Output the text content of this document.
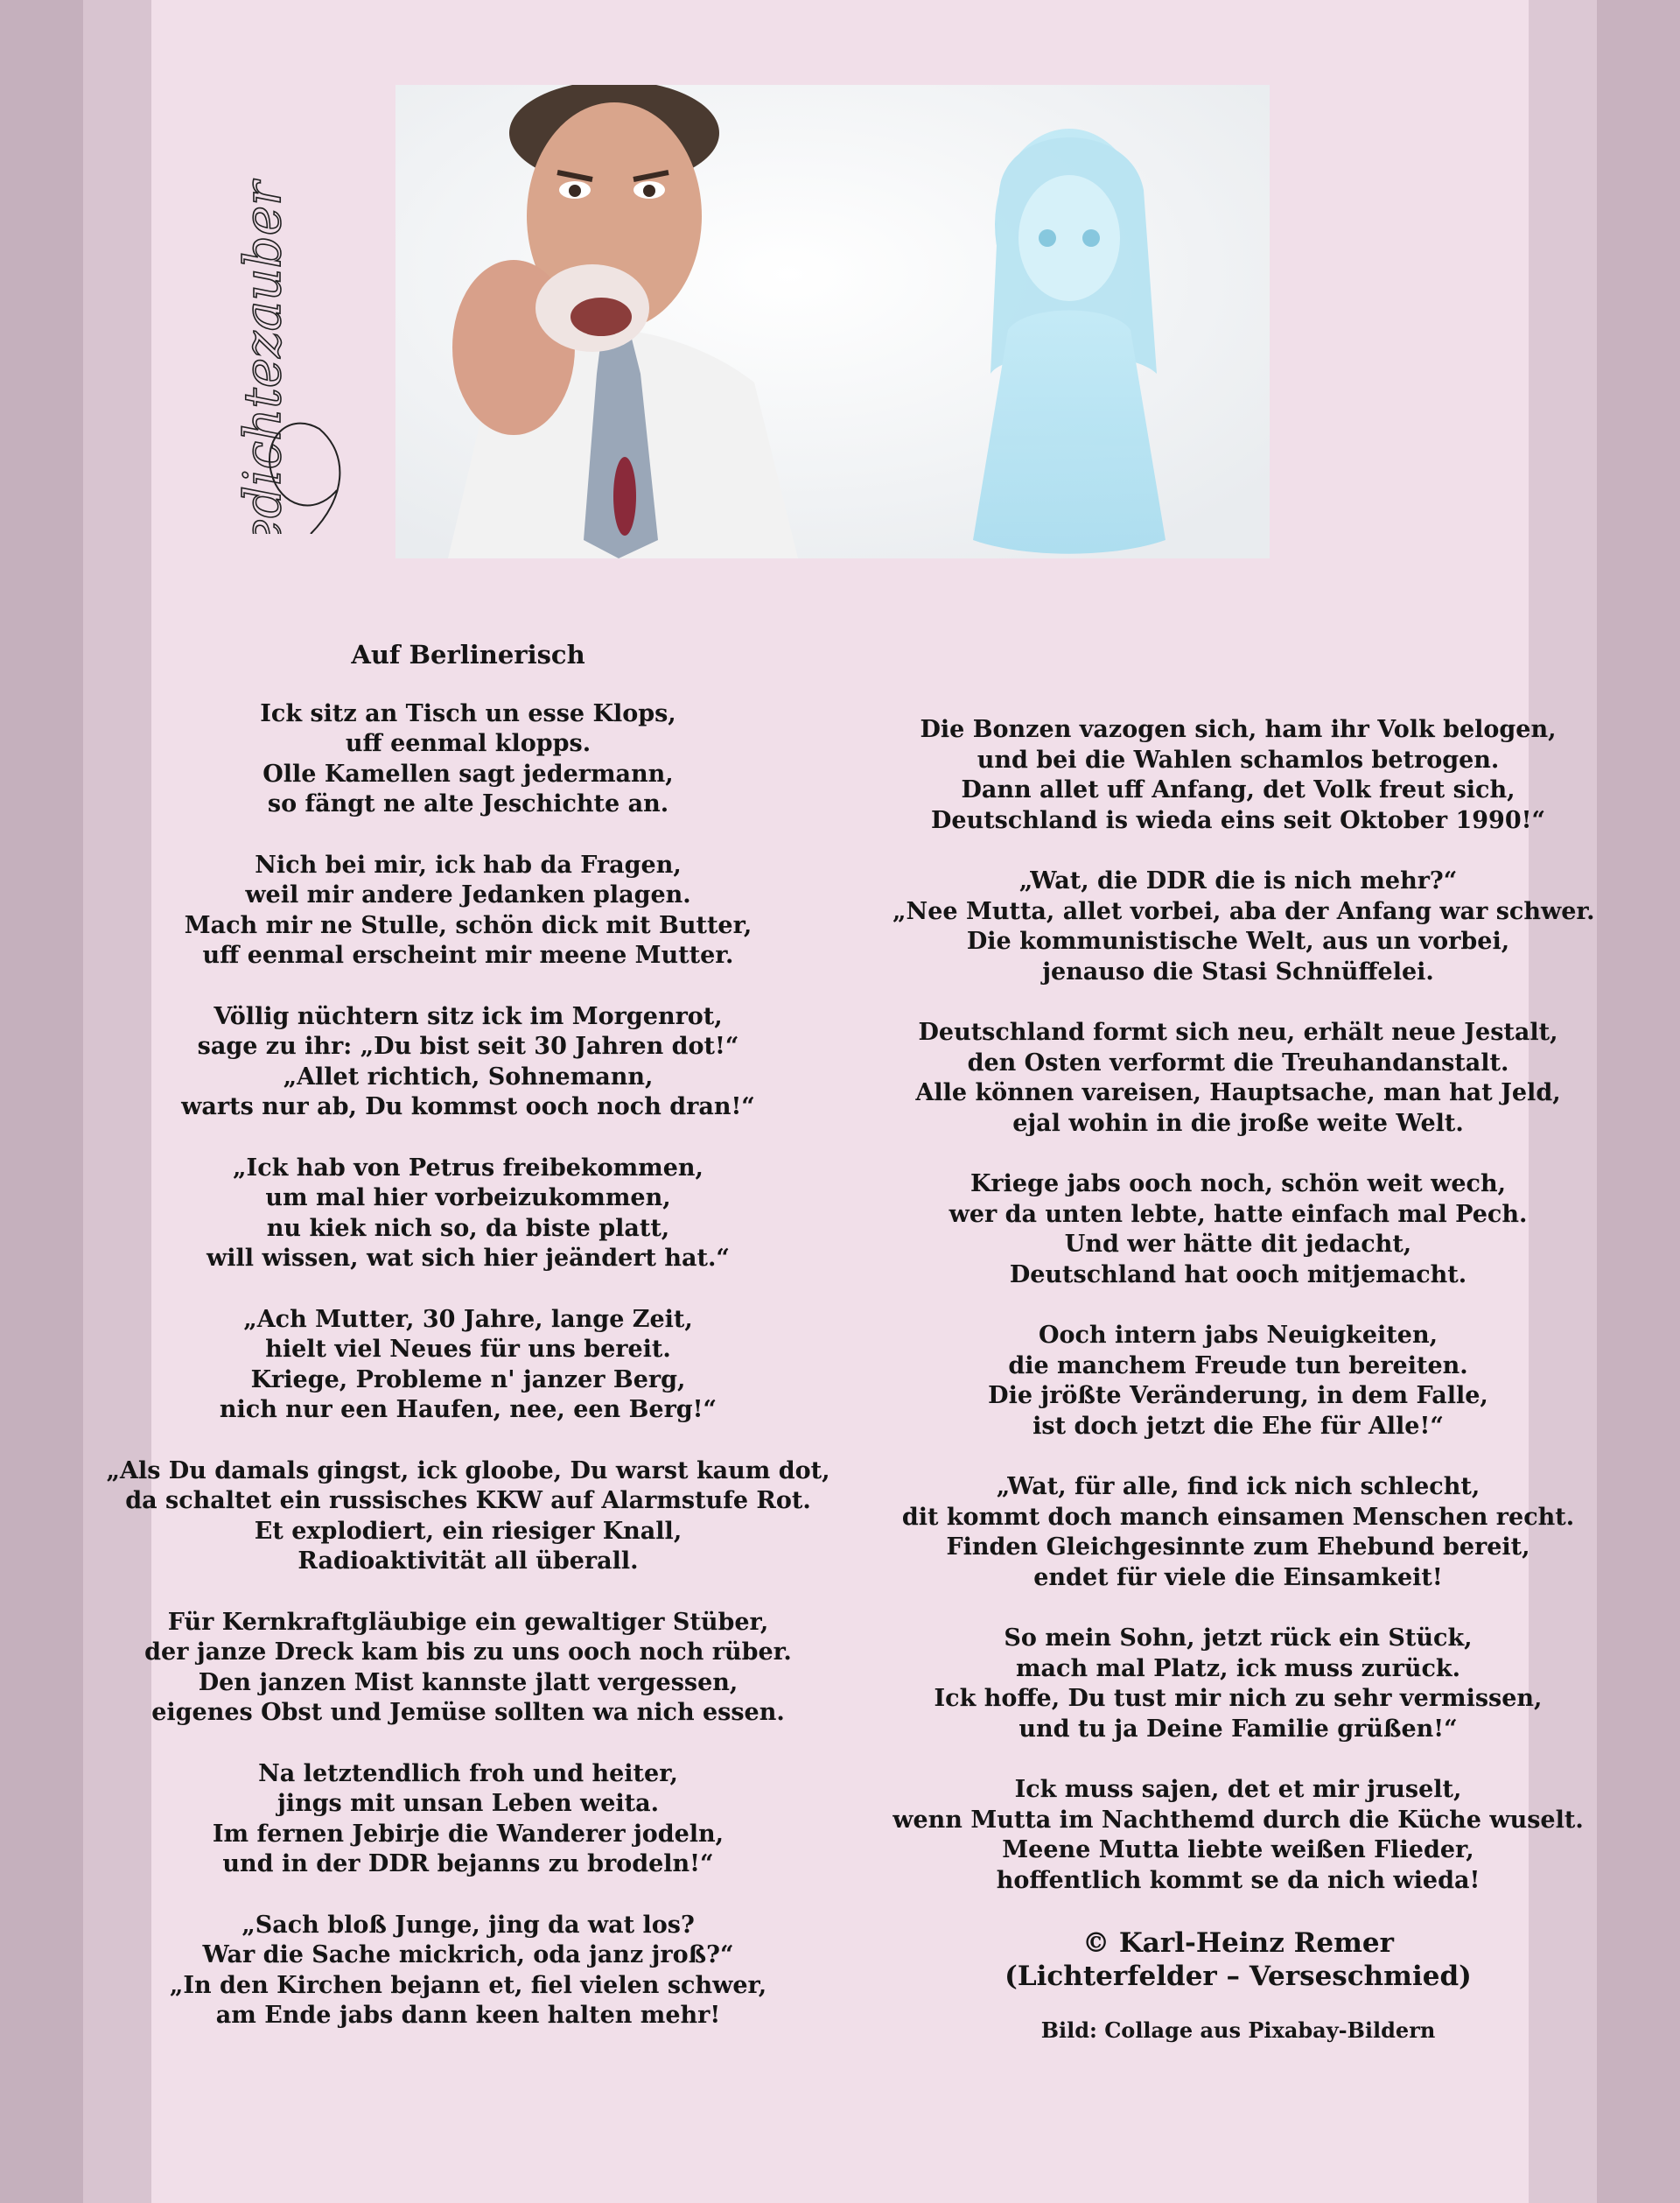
Gedichtezauber
Auf Berlinerisch
Ick sitz an Tisch un esse Klops,
uff eenmal klopps.
Olle Kamellen sagt jedermann,
so fängt ne alte Jeschichte an.
Nich bei mir, ick hab da Fragen,
weil mir andere Jedanken plagen.
Mach mir ne Stulle, schön dick mit Butter,
uff eenmal erscheint mir meene Mutter.
Völlig nüchtern sitz ick im Morgenrot,
sage zu ihr: „Du bist seit 30 Jahren dot!“
„Allet richtich, Sohnemann,
warts nur ab, Du kommst ooch noch dran!“
„Ick hab von Petrus freibekommen,
um mal hier vorbeizukommen,
nu kiek nich so, da biste platt,
will wissen, wat sich hier jeändert hat.“
„Ach Mutter, 30 Jahre, lange Zeit,
hielt viel Neues für uns bereit.
Kriege, Probleme n' janzer Berg,
nich nur een Haufen, nee, een Berg!“
„Als Du damals gingst, ick gloobe, Du warst kaum dot,
da schaltet ein russisches KKW auf Alarmstufe Rot.
Et explodiert, ein riesiger Knall,
Radioaktivität all überall.
Für Kernkraftgläubige ein gewaltiger Stüber,
der janze Dreck kam bis zu uns ooch noch rüber.
Den janzen Mist kannste jlatt vergessen,
eigenes Obst und Jemüse sollten wa nich essen.
Na letztendlich froh und heiter,
jings mit unsan Leben weita.
Im fernen Jebirje die Wanderer jodeln,
und in der DDR bejanns zu brodeln!“
„Sach bloß Junge, jing da wat los?
War die Sache mickrich, oda janz jroß?“
„In den Kirchen bejann et, fiel vielen schwer,
am Ende jabs dann keen halten mehr!
Die Bonzen vazogen sich, ham ihr Volk belogen,
und bei die Wahlen schamlos betrogen.
Dann allet uff Anfang, det Volk freut sich,
Deutschland is wieda eins seit Oktober 1990!“
„Wat, die DDR die is nich mehr?“
„Nee Mutta, allet vorbei, aba der Anfang war schwer.
Die kommunistische Welt, aus un vorbei,
jenauso die Stasi Schnüffelei.
Deutschland formt sich neu, erhält neue Jestalt,
den Osten verformt die Treuhandanstalt.
Alle können vareisen, Hauptsache, man hat Jeld,
ejal wohin in die jroße weite Welt.
Kriege jabs ooch noch, schön weit wech,
wer da unten lebte, hatte einfach mal Pech.
Und wer hätte dit jedacht,
Deutschland hat ooch mitjemacht.
Ooch intern jabs Neuigkeiten,
die manchem Freude tun bereiten.
Die jrößte Veränderung, in dem Falle,
ist doch jetzt die Ehe für Alle!“
„Wat, für alle, find ick nich schlecht,
dit kommt doch manch einsamen Menschen recht.
Finden Gleichgesinnte zum Ehebund bereit,
endet für viele die Einsamkeit!
So mein Sohn, jetzt rück ein Stück,
mach mal Platz, ick muss zurück.
Ick hoffe, Du tust mir nich zu sehr vermissen,
und tu ja Deine Familie grüßen!“
Ick muss sajen, det et mir jruselt,
wenn Mutta im Nachthemd durch die Küche wuselt.
Meene Mutta liebte weißen Flieder,
hoffentlich kommt se da nich wieda!
© Karl-Heinz Remer
(Lichterfelder – Verseschmied)
Bild: Collage aus Pixabay-Bildern
